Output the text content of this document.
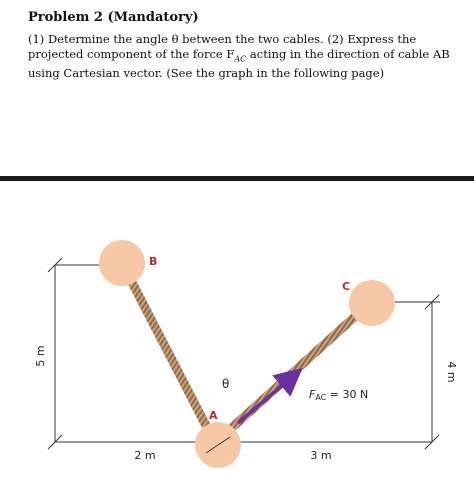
Problem 2 (Mandatory)
(1) Determine the angle θ between the two cables. (2) Express the
projected component of the force $F_{AC}$ acting in the direction of cable AB
using Cartesian vector. (See the graph in the following page)
B
C
A
θ
FAC = 30 N
5 m
4 m
2 m	3 m
